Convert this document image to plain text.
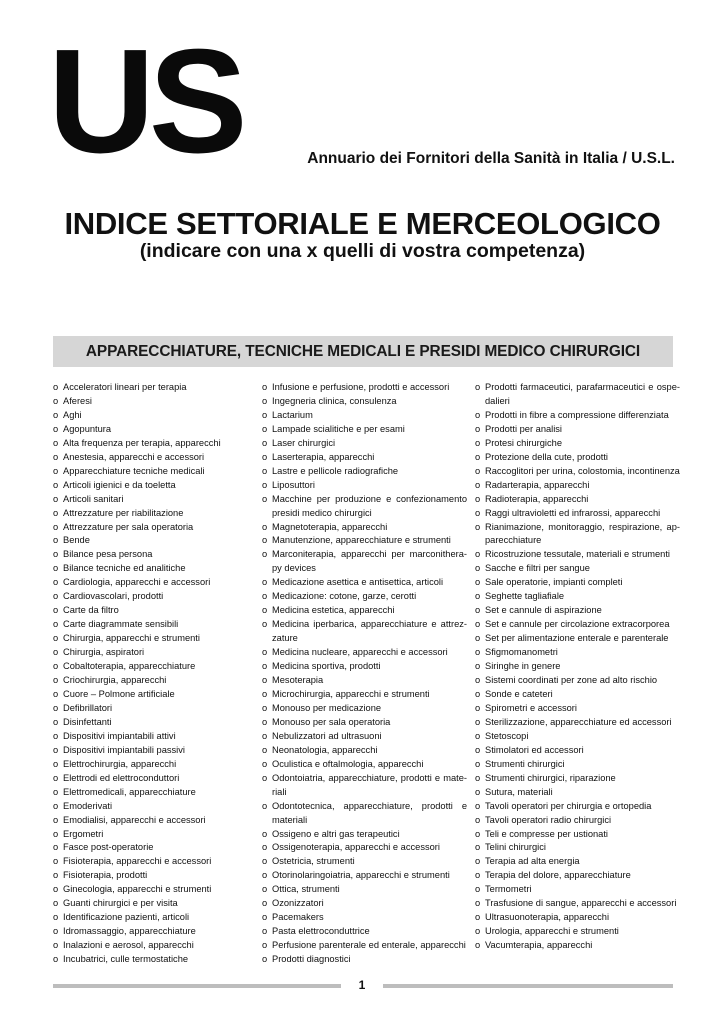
US	Annuario dei Fornitori della Sanità in Italia / U.S.L.
INDICE SETTORIALE E MERCEOLOGICO
(indicare con una x quelli di vostra competenza)
APPARECCHIATURE, TECNICHE MEDICALI E PRESIDI MEDICO CHIRURGICI
o Acceleratori lineari per terapia
o Aferesi
o Aghi
o Agopuntura
o Alta frequenza per terapia, apparecchi
o Anestesia, apparecchi e accessori
o Apparecchiature tecniche medicali
o Articoli igienici e da toeletta
o Articoli sanitari
o Attrezzature per riabilitazione
o Attrezzature per sala operatoria
o Bende
o Bilance pesa persona
o Bilance tecniche ed analitiche
o Cardiologia, apparecchi e accessori
o Cardiovascolari, prodotti
o Carte da filtro
o Carte diagrammate sensibili
o Chirurgia, apparecchi e strumenti
o Chirurgia, aspiratori
o Cobaltoterapia, apparecchiature
o Criochirurgia, apparecchi
o Cuore – Polmone artificiale
o Defibrillatori
o Disinfettanti
o Dispositivi impiantabili attivi
o Dispositivi impiantabili passivi
o Elettrochirurgia, apparecchi
o Elettrodi ed elettroconduttori
o Elettromedicali, apparecchiature
o Emoderivati
o Emodialisi, apparecchi e accessori
o Ergometri
o Fasce post-operatorie
o Fisioterapia, apparecchi e accessori
o Fisioterapia, prodotti
o Ginecologia, apparecchi e strumenti
o Guanti chirurgici e per visita
o Identificazione pazienti, articoli
o Idromassaggio, apparecchiature
o Inalazioni e aerosol, apparecchi
o Incubatrici, culle termostatiche
o Infusione e perfusione, prodotti e accessori
o Ingegneria clinica, consulenza
o Lactarium
o Lampade scialitiche e per esami
o Laser chirurgici
o Laserterapia, apparecchi
o Lastre e pellicole radiografiche
o Liposuttori
o Macchine per produzione e confezionamento presidi medico chirurgici
o Magnetoterapia, apparecchi
o Manutenzione, apparecchiature e strumenti
o Marconiterapia, apparecchi per marconithera-py devices
o Medicazione asettica e antisettica, articoli
o Medicazione: cotone, garze, cerotti
o Medicina estetica, apparecchi
o Medicina iperbarica, apparecchiature e attrez-zature
o Medicina nucleare, apparecchi e accessori
o Medicina sportiva, prodotti
o Mesoterapia
o Microchirurgia, apparecchi e strumenti
o Monouso per medicazione
o Monouso per sala operatoria
o Nebulizzatori ad ultrasuoni
o Neonatologia, apparecchi
o Oculistica e oftalmologia, apparecchi
o Odontoiatria, apparecchiature, prodotti e mate-riali
o Odontotecnica, apparecchiature, prodotti e materiali
o Ossigeno e altri gas terapeutici
o Ossigenoterapia, apparecchi e accessori
o Ostetricia, strumenti
o Otorinolaringoiatria, apparecchi e strumenti
o Ottica, strumenti
o Ozonizzatori
o Pacemakers
o Pasta elettroconduttrice
o Perfusione parenterale ed enterale, apparecchi
o Prodotti diagnostici
o Prodotti farmaceutici, parafarmaceutici e ospe-dalieri
o Prodotti in fibre a compressione differenziata
o Prodotti per analisi
o Protesi chirurgiche
o Protezione della cute, prodotti
o Raccoglitori per urina, colostomia, incontinenza
o Radarterapia, apparecchi
o Radioterapia, apparecchi
o Raggi ultravioletti ed infrarossi, apparecchi
o Rianimazione, monitoraggio, respirazione, ap-parecchiature
o Ricostruzione tessutale, materiali e strumenti
o Sacche e filtri per sangue
o Sale operatorie, impianti completi
o Seghette tagliafiale
o Set e cannule di aspirazione
o Set e cannule per circolazione extracorporea
o Set per alimentazione enterale e parenterale
o Sfigmomanometri
o Siringhe in genere
o Sistemi coordinati per zone ad alto rischio
o Sonde e cateteri
o Spirometri e accessori
o Sterilizzazione, apparecchiature ed accessori
o Stetoscopi
o Stimolatori ed accessori
o Strumenti chirurgici
o Strumenti chirurgici, riparazione
o Sutura, materiali
o Tavoli operatori per chirurgia e ortopedia
o Tavoli operatori radio chirurgici
o Teli e compresse per ustionati
o Telini chirurgici
o Terapia ad alta energia
o Terapia del dolore, apparecchiature
o Termometri
o Trasfusione di sangue, apparecchi e accessori
o Ultrasuonoterapia, apparecchi
o Urologia, apparecchi e strumenti
o Vacumterapia, apparecchi
1
